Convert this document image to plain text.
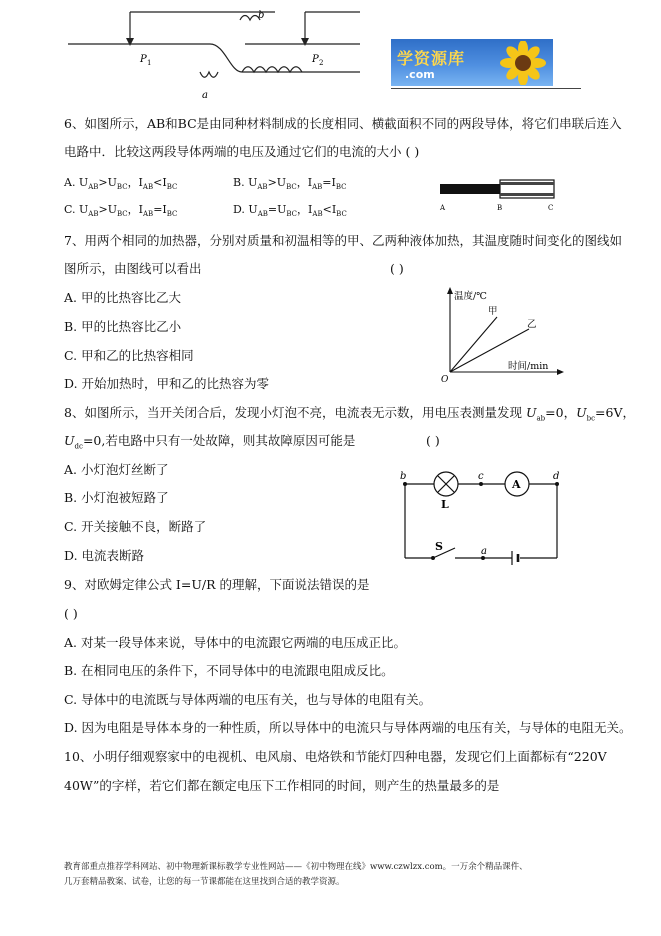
b
a
P 1	P 2	学资源库
.com
6、如图所示，AB和BC是由同种材料制成的长度相同、横截面积不同的两段导体，将它们串联后连入
电路中．比较这两段导体两端的电压及通过它们的电流的大小 ( )
A. $U_{AB}>U_{BC}$，$I_{AB}<I_{BC}$	B. $U_{AB}>U_{BC}$，$I_{AB}=I_{BC}$
C. $U_{AB}>U_{BC}$，$I_{AB}=I_{BC}$	D. $U_{AB}=U_{BC}$，$I_{AB}<I_{BC}$
A	B	C
7、用两个相同的加热器，分别对质量和初温相等的甲、乙两种液体加热，其温度随时间变化的图线如
图所示，由图线可以看出	( )
A. 甲的比热容比乙大
B. 甲的比热容比乙小
C. 甲和乙的比热容相同
D. 开始加热时，甲和乙的比热容为零
温度/℃
时间/min
O
甲
乙
8、如图所示，当开关闭合后，发现小灯泡不亮，电流表无示数，用电压表测量发现 $U_{ab}=0$，$U_{bc}=6V$，
$U_{dc}=0$,若电路中只有一处故障，则其故障原因可能是	( )
A. 小灯泡灯丝断了
B. 小灯泡被短路了
C. 开关接触不良，断路了
D. 电流表断路
b	c	d
a
L
S
A
9、对欧姆定律公式 I=U/R 的理解，下面说法错误的是
( )
A. 对某一段导体来说，导体中的电流跟它两端的电压成正比。
B. 在相同电压的条件下，不同导体中的电流跟电阻成反比。
C. 导体中的电流既与导体两端的电压有关，也与导体的电阻有关。
D. 因为电阻是导体本身的一种性质，所以导体中的电流只与导体两端的电压有关，与导体的电阻无关。
10、小明仔细观察家中的电视机、电风扇、电烙铁和节能灯四种电器，发现它们上面都标有“220V
40W”的字样，若它们都在额定电压下工作相同的时间，则产生的热量最多的是
教育部重点推荐学科网站、初中物理新课标教学专业性网站——《初中物理在线》www.czwlzx.com。一万余个精品课件、
几万套精品教案、试卷，让您的每一节课都能在这里找到合适的教学资源。
